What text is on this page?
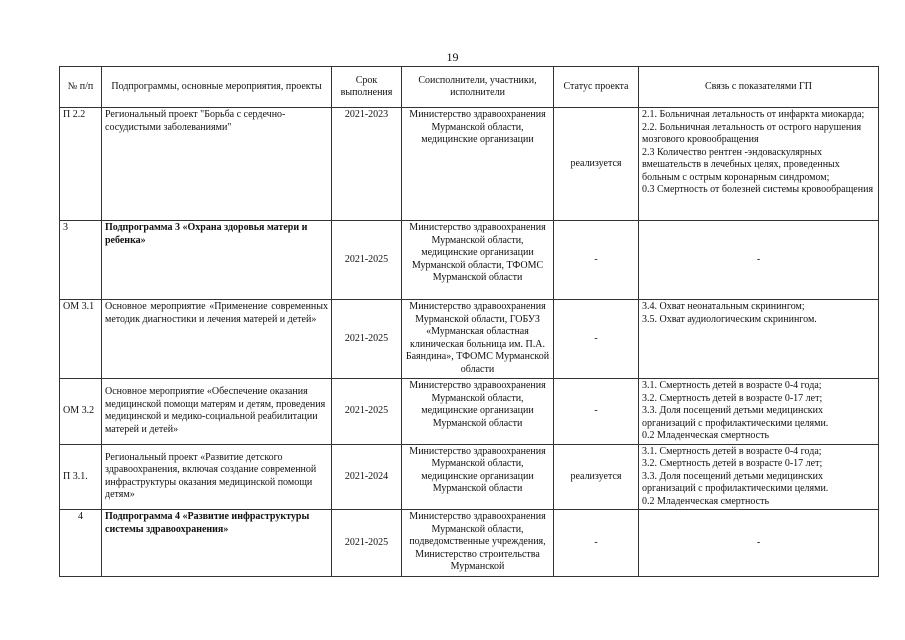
19
№ п/п	Подпрограммы, основные мероприятия, проекты	Срок выполнения	Соисполнители, участники, исполнители	Статус проекта	Связь с показателями ГП
П 2.2	Региональный проект "Борьба с сердечно-сосудистыми заболеваниями"	2021-2023	Министерство здравоохранения Мурманской области, медицинские организации	реализуется	2.1. Больничная летальность от инфаркта миокарда;
2.2. Больничная летальность от острого нарушения мозгового кровообращения
2.3 Количество рентген -эндоваскулярных вмешательств в лечебных целях, проведенных больным с острым коронарным синдромом;
0.3 Смертность от болезней системы кровообращения

3	Подпрограмма 3 «Охрана здоровья матери и ребенка»	2021-2025	Министерство здравоохранения Мурманской области, медицинские организации Мурманской области, ТФОМС Мурманской области	-	-

ОМ 3.1	Основное мероприятие «Применение современных методик диагностики и лечения матерей и детей»	2021-2025	Министерство здравоохранения Мурманской области, ГОБУЗ «Мурманская областная клиническая больница им. П.А. Баяндина», ТФОМС Мурманской области	-	3.4. Охват неонатальным скринингом;
3.5. Охват аудиологическим скринингом.

ОМ 3.2	Основное мероприятие «Обеспечение оказания медицинской помощи матерям и детям, проведения медицинской и медико-социальной реабилитации матерей и детей»	2021-2025	Министерство здравоохранения Мурманской области, медицинские организации Мурманской области	-	3.1. Смертность детей в возрасте 0-4 года;
3.2. Смертность детей в возрасте 0-17 лет;
3.3. Доля посещений детьми медицинских организаций с профилактическими целями.
0.2 Младенческая смертность

П 3.1.	Региональный проект «Развитие детского здравоохранения, включая создание современной инфраструктуры оказания медицинской помощи детям»	2021-2024	Министерство здравоохранения Мурманской области, медицинские организации Мурманской области	реализуется	3.1. Смертность детей в возрасте 0-4 года;
3.2. Смертность детей в возрасте 0-17 лет;
3.3. Доля посещений детьми медицинских организаций с профилактическими целями.
0.2 Младенческая смертность

4	Подпрограмма 4 «Развитие инфраструктуры системы здравоохранения»	2021-2025	Министерство здравоохранения Мурманской области, подведомственные учреждения, Министерство строительства Мурманской	-	-
